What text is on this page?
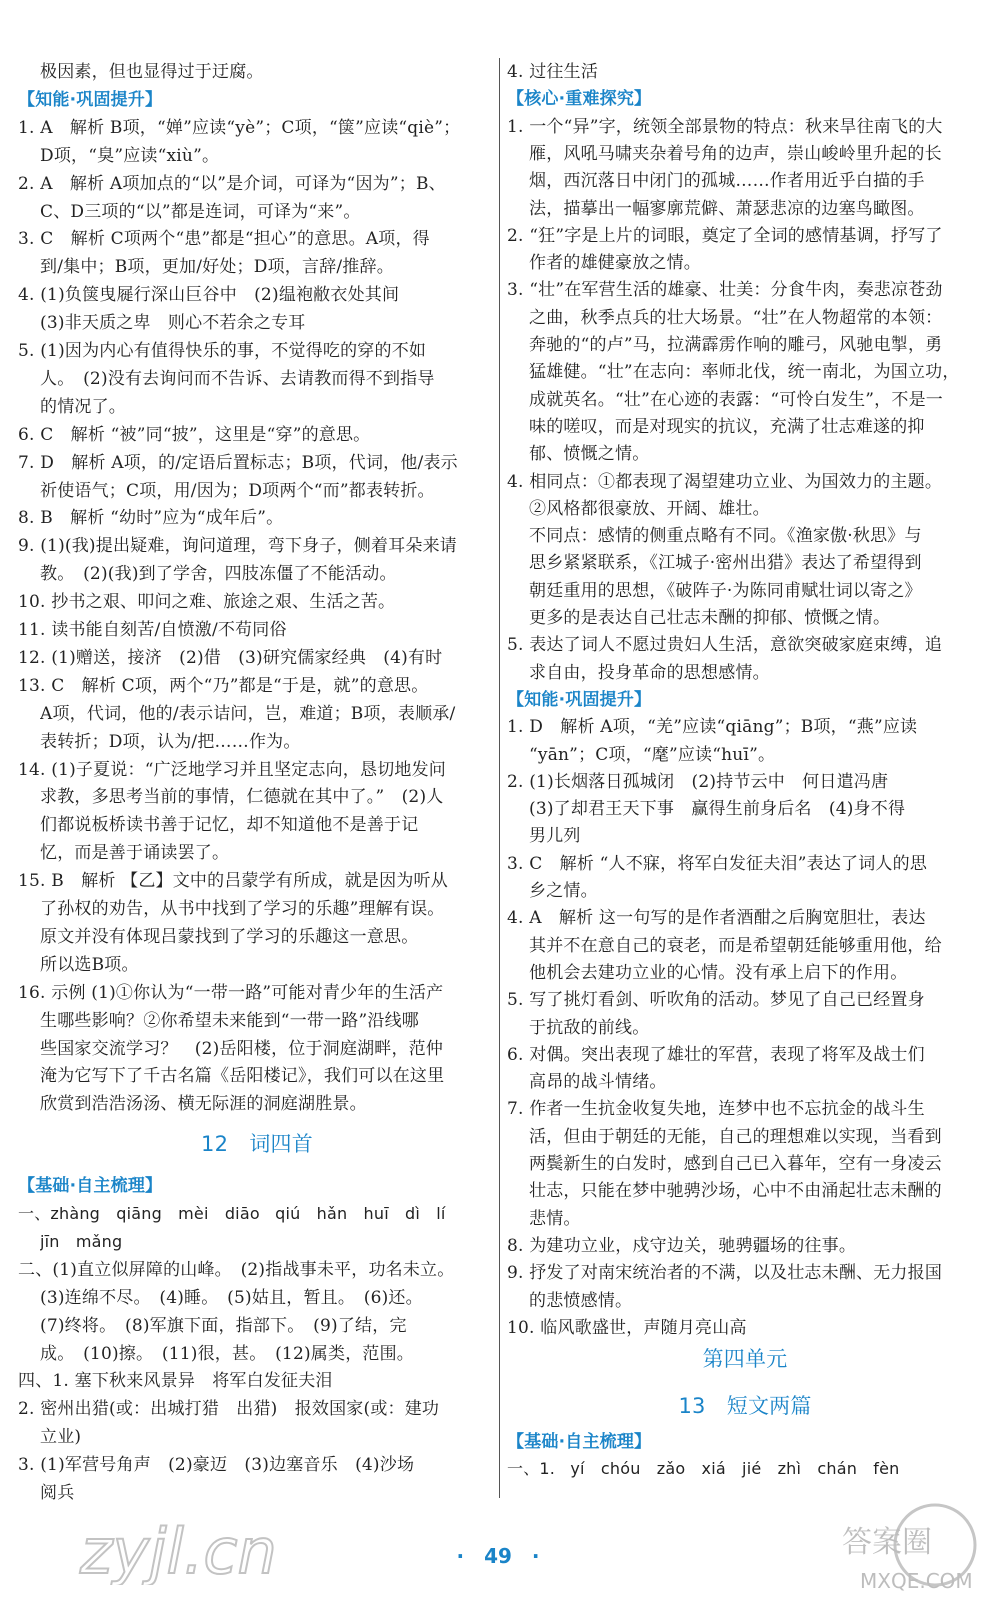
极因素，但也显得过于迂腐。
【知能·巩固提升】
1. A　解析 B项，“婵”应读“yè”；C项，“箧”应读“qiè”；
D项，“臭”应读“xiù”。
2. A　解析 A项加点的“以”是介词，可译为“因为”；B、
C、D三项的“以”都是连词，可译为“来”。
3. C　解析 C项两个“患”都是“担心”的意思。A项，得
到/集中；B项，更加/好处；D项，言辞/推辞。
4. (1)负箧曳屣行深山巨谷中　(2)缊袍敝衣处其间
(3)非天质之卑　则心不若余之专耳
5. (1)因为内心有值得快乐的事，不觉得吃的穿的不如
人。　(2)没有去询问而不告诉、去请教而得不到指导
的情况了。
6. C　解析 “被”同“披”，这里是“穿”的意思。
7. D　解析 A项，的/定语后置标志；B项，代词，他/表示
祈使语气；C项，用/因为；D项两个“而”都表转折。
8. B　解析 “幼时”应为“成年后”。
9. (1)(我)提出疑难，询问道理，弯下身子，侧着耳朵来请
教。　(2)(我)到了学舍，四肢冻僵了不能活动。
10. 抄书之艰、叩问之难、旅途之艰、生活之苦。
11. 读书能自刻苦/自愤激/不苟同俗
12. (1)赠送，接济　(2)借　(3)研究儒家经典　(4)有时
13. C　解析 C项，两个“乃”都是“于是，就”的意思。
A项，代词，他的/表示诘问，岂，难道；B项，表顺承/
表转折；D项，认为/把……作为。
14. (1)子夏说：“广泛地学习并且坚定志向，恳切地发问
求教，多思考当前的事情，仁德就在其中了。”　(2)人
们都说板桥读书善于记忆，却不知道他不是善于记
忆，而是善于诵读罢了。
15. B　解析 【乙】文中的吕蒙学有所成，就是因为听从
了孙权的劝告，从书中找到了学习的乐趣”理解有误。
原文并没有体现吕蒙找到了学习的乐趣这一意思。
所以选B项。
16. 示例 (1)①你认为“一带一路”可能对青少年的生活产
生哪些影响？②你希望未来能到“一带一路”沿线哪
些国家交流学习？　(2)岳阳楼，位于洞庭湖畔，范仲
淹为它写下了千古名篇《岳阳楼记》，我们可以在这里
欣赏到浩浩汤汤、横无际涯的洞庭湖胜景。
12　词四首
【基础·自主梳理】
一、zhàng　qiāng　mèi　diāo qiú　hǎn　huī　dì　lí
jīn　mǎng
二、(1)直立似屏障的山峰。　(2)指战事未平，功名未立。
(3)连绵不尽。　(4)睡。　(5)姑且，暂且。　(6)还。
(7)终将。　(8)军旗下面，指部下。　(9)了结，完
成。　(10)擦。　(11)很，甚。　(12)属类，范围。
四、1. 塞下秋来风景异　将军白发征夫泪
2. 密州出猎(或：出城打猎　出猎)　报效国家(或：建功
立业)
3. (1)军营号角声　(2)豪迈　(3)边塞音乐　(4)沙场
阅兵
4. 过往生活
【核心·重难探究】
1. 一个“异”字，统领全部景物的特点：秋来旱往南飞的大
雁，风吼马啸夹杂着号角的边声，崇山峻岭里升起的长
烟，西沉落日中闭门的孤城……作者用近乎白描的手
法，描摹出一幅寥廓荒僻、萧瑟悲凉的边塞鸟瞰图。
2. “狂”字是上片的词眼，奠定了全词的感情基调，抒写了
作者的雄健豪放之情。
3. “壮”在军营生活的雄豪、壮美：分食牛肉，奏悲凉苍劲
之曲，秋季点兵的壮大场景。“壮”在人物超常的本领：
奔驰的“的卢”马，拉满霹雳作响的雕弓，风驰电掣，勇
猛雄健。“壮”在志向：率师北伐，统一南北，为国立功，
成就英名。“壮”在心迹的表露：“可怜白发生”，不是一
味的嗟叹，而是对现实的抗议，充满了壮志难遂的抑
郁、愤慨之情。
4. 相同点：①都表现了渴望建功立业、为国效力的主题。
②风格都很豪放、开阔、雄壮。
不同点：感情的侧重点略有不同。《渔家傲·秋思》与
思乡紧紧联系，《江城子·密州出猎》表达了希望得到
朝廷重用的思想，《破阵子·为陈同甫赋壮词以寄之》
更多的是表达自己壮志未酬的抑郁、愤慨之情。
5. 表达了词人不愿过贵妇人生活，意欲突破家庭束缚，追
求自由，投身革命的思想感情。
【知能·巩固提升】
1. D　解析 A项，“羌”应读“qiāng”；B项，“燕”应读
“yān”；C项，“麾”应读“huī”。
2. (1)长烟落日孤城闭　(2)持节云中　何日遣冯唐
(3)了却君王天下事　赢得生前身后名　(4)身不得
男儿列
3. C　解析 “人不寐，将军白发征夫泪”表达了词人的思
乡之情。
4. A　解析 这一句写的是作者酒酣之后胸宽胆壮，表达
其并不在意自己的衰老，而是希望朝廷能够重用他，给
他机会去建功立业的心情。没有承上启下的作用。
5. 写了挑灯看剑、听吹角的活动。梦见了自己已经置身
于抗敌的前线。
6. 对偶。突出表现了雄壮的军营，表现了将军及战士们
高昂的战斗情绪。
7. 作者一生抗金收复失地，连梦中也不忘抗金的战斗生
活，但由于朝廷的无能，自己的理想难以实现，当看到
两鬓新生的白发时，感到自己已入暮年，空有一身凌云
壮志，只能在梦中驰骋沙场，心中不由涌起壮志未酬的
悲情。
8. 为建功立业，戍守边关，驰骋疆场的往事。
9. 抒发了对南宋统治者的不满，以及壮志未酬、无力报国
的悲愤感情。
10. 临风歌盛世，声随月亮山高
第四单元
13　短文两篇
【基础·自主梳理】
一、1. yí　chóu　zǎo　xiá　jié　zhì　chán　fèn
·　49　·
zyjl.cn	答案圈
MXQE.COM
